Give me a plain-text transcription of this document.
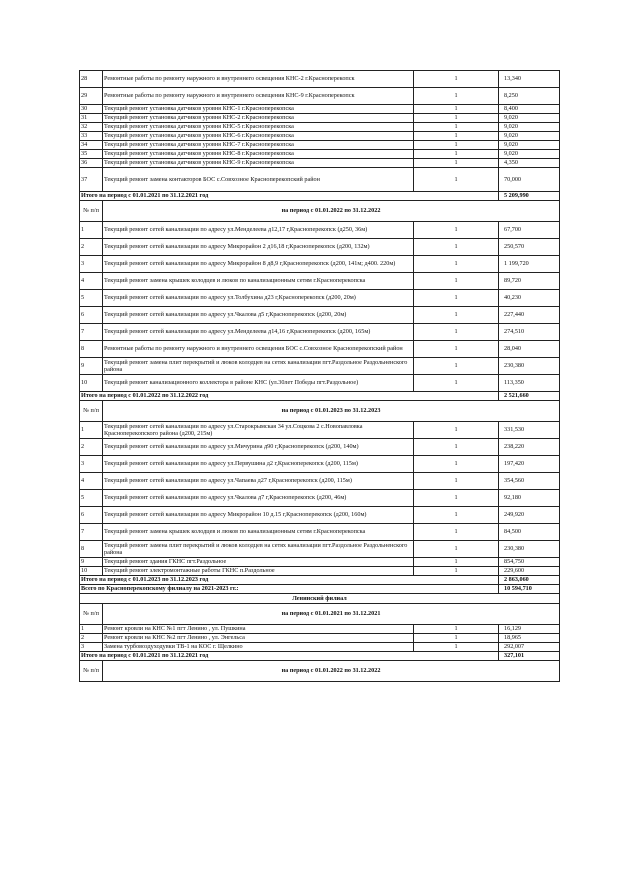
28	Ремонтные работы по ремонту наружного и внутреннего освещения КНС-2 г.Красноперекопск	1	13,340
29	Ремонтные работы по ремонту наружного и внутреннего освещения КНС-9 г.Красноперекопск	1	8,250
30	Текущий ремонт установка датчиков уровня КНС-1 г.Красноперекопска	1	8,400
31	Текущий ремонт установка датчиков уровня КНС-2 г.Красноперекопска	1	9,020
32	Текущий ремонт установка датчиков уровня КНС-5 г.Красноперекопска	1	9,020
33	Текущий ремонт установка датчиков уровня КНС-6 г.Красноперекопска	1	9,020
34	Текущий ремонт установка датчиков уровня КНС-7 г.Красноперекопска	1	9,020
35	Текущий ремонт установка датчиков уровня КНС-8 г.Красноперекопска	1	9,020
36	Текущий ремонт установка датчиков уровня КНС-9 г.Красноперекопска	1	4,350
37	Текущий ремонт замена контакторов БОС с.Совхозное Красноперекопский район	1	70,000
Итого на период с 01.01.2021 по 31.12.2021 год			5 209,990
№ п/п	на период с 01.01.2022 по 31.12.2022		
1	Текущий ремонт сетей канализации по адресу ул.Менделеева д12,17 г,Красноперекопск (д250, 36м)	1	67,700
2	Текущий ремонт сетей канализации по адресу Микрорайон 2 д16,18 г,Красноперекопск (д200, 132м)	1	250,570
3	Текущий ремонт сетей канализации по адресу Микрорайон 8 д8,9 г,Красноперекопск (д200, 141м; д400. 220м)	1	1 199,720
4	Текущий ремонт замена крышек колодцев и люков по канализационным сетям г.Красноперекопска	1	89,720
5	Текущий ремонт сетей канализации по адресу ул.Толбухина д23 г,Красноперекопск (д200, 20м)	1	40,230
6	Текущий ремонт сетей канализации по адресу ул.Чкалова д5 г,Красноперекопск (д200, 20м)	1	227,440
7	Текущий ремонт сетей канализации по адресу ул.Менделеева д14,16 г,Красноперекопск (д200, 165м)	1	274,510
8	Ремонтные работы по ремонту наружного и внутреннего освещения БОС с.Совхозное Красноперекопский район	1	28,040
9	Текущий ремонт замена плит перекрытий и люков колодцев на сетях канализации пгт.Раздольное Раздольненского района	1	230,380
10	Текущий ремонт канализационного коллектора в районе КНС (ул.30лет Победы пгт.Раздольное)	1	113,350
Итого на период с 01.01.2022 по 31.12.2022 год			2 521,660
№ п/п	на период с 01.01.2023 по 31.12.2023		
1	Текущий ремонт сетей канализации по адресу ул.Старокрымская 34 ул.Соцкова 2 с.Новопавловка Красноперекопского района (д200, 215м)	1	331,530
2	Текущий ремонт сетей канализации по адресу ул.Мичурина д90 г,Красноперекопск (д200, 140м)	1	238,220
3	Текущий ремонт сетей канализации по адресу ул.Первушина д2 г,Красноперекопск (д200, 115м)	1	197,420
4	Текущий ремонт сетей канализации по адресу ул.Чапаева д27 г,Красноперекопск (д200, 115м)	1	354,560
5	Текущий ремонт сетей канализации по адресу ул.Чкалова д7 г,Красноперекопск (д200, 46м)	1	92,180
6	Текущий ремонт сетей канализации по адресу Микрорайон 10 д.15 г,Красноперекопск (д200, 160м)	1	249,920
7	Текущий ремонт замена крышек колодцев и люков по канализационным сетям г.Красноперекопска	1	84,500
8	Текущий ремонт замена плит перекрытий и люков колодцев на сетях канализации пгт.Раздольное Раздольненского района	1	230,380
9	Текущий ремонт здания ГКНС пгт.Раздольное	1	854,750
10	Текущий ремонт электромонтажные работы ГКНС п.Раздольное	1	229,600
Итого на период с 01.01.2023 по 31.12.2023 год			2 863,060
Всего по Красноперекопскому филиалу на 2021-2023 гг.:			10 594,710
Ленинский филиал			
№ п/п	на период с 01.01.2021 по 31.12.2021		
1	Ремонт кровли на КНС №1 пгт Ленино , ул. Пушкина	1	16,129
2	Ремонт кровли на КНС №2 пгт Ленино , ул. Энгельса	1	18,965
3	Замена турбовоздуходувки ТВ-1 на КОС г. Щелкино	1	292,007
Итого на период с 01.01.2021 по 31.12.2021 год			327,101
№ п/п	на период с 01.01.2022 по 31.12.2022		
